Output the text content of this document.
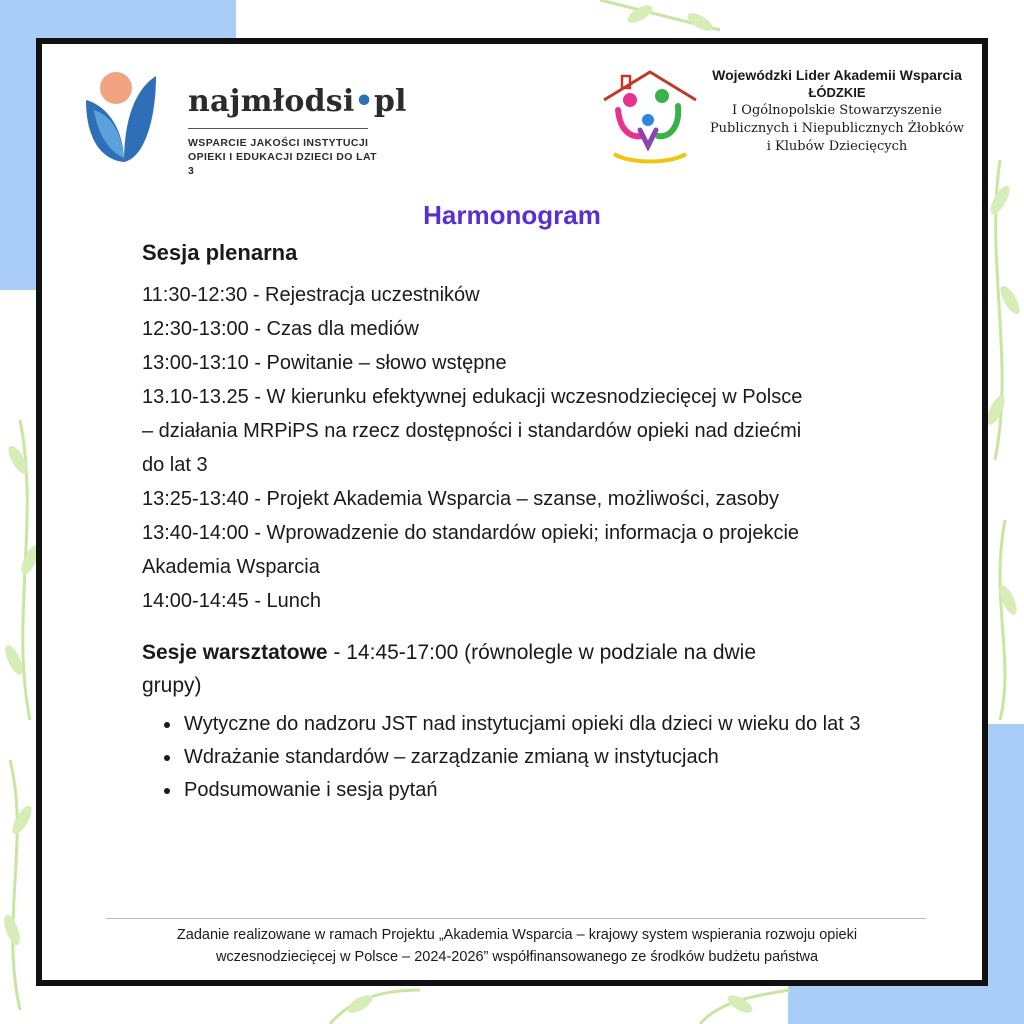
najmłodsi•pl
WSPARCIE JAKOŚCI INSTYTUCJI
OPIEKI I EDUKACJI DZIECI DO LAT 3
Wojewódzki Lider Akademii Wsparcia
ŁÓDZKIE
I Ogólnopolskie Stowarzyszenie
Publicznych i Niepublicznych Żłobków
i Klubów Dziecięcych
Harmonogram
Sesja plenarna
11:30-12:30 - Rejestracja uczestników
12:30-13:00 - Czas dla mediów
13:00-13:10 - Powitanie – słowo wstępne
13.10-13.25 - W kierunku efektywnej edukacji wczesnodziecięcej w Polsce
– działania MRPiPS na rzecz dostępności i standardów opieki nad dziećmi
do lat 3
13:25-13:40 - Projekt Akademia Wsparcia – szanse, możliwości, zasoby
13:40-14:00 - Wprowadzenie do standardów opieki; informacja o projekcie
Akademia Wsparcia
14:00-14:45 - Lunch
Sesje warsztatowe - 14:45-17:00 (równolegle w podziale na dwie
grupy)
• Wytyczne do nadzoru JST nad instytucjami opieki dla dzieci w wieku do lat 3
• Wdrażanie standardów – zarządzanie zmianą w instytucjach
• Podsumowanie i sesja pytań
Zadanie realizowane w ramach Projektu „Akademia Wsparcia – krajowy system wspierania rozwoju opieki
wczesnodziecięcej w Polsce – 2024-2026” współfinansowanego ze środków budżetu państwa
